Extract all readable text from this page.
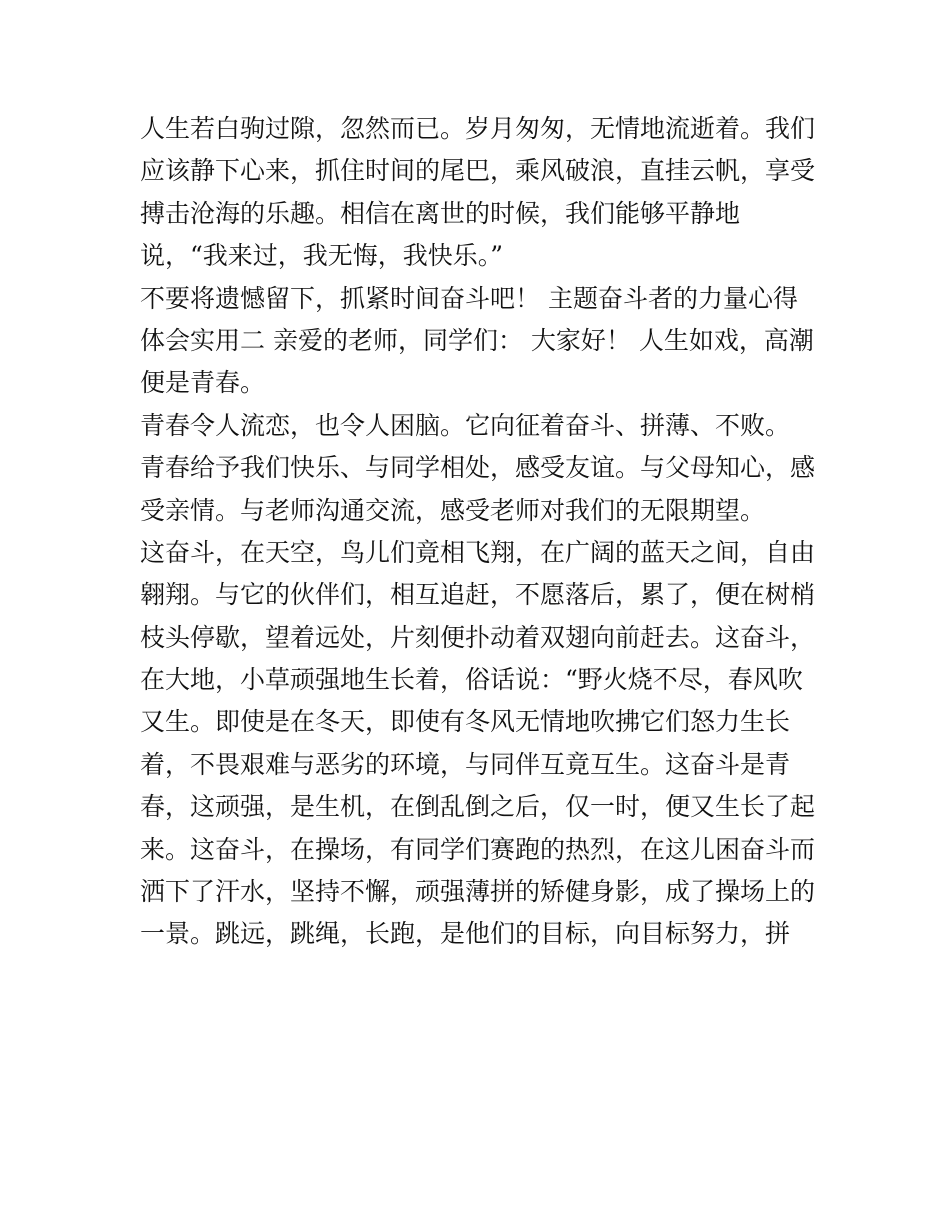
人生若白驹过隙，忽然而已。岁月匆匆，无情地流逝着。我们
应该静下心来，抓住时间的尾巴，乘风破浪，直挂云帆，享受
搏击沧海的乐趣。相信在离世的时候，我们能够平静地
说，“我来过，我无悔，我快乐。”
不要将遗憾留下，抓紧时间奋斗吧！ 主题奋斗者的力量心得
体会实用二 亲爱的老师，同学们： 大家好！ 人生如戏，高潮
便是青春。
青春令人流恋，也令人困脑。它向征着奋斗、拼薄、不败。
青春给予我们快乐、与同学相处，感受友谊。与父母知心，感
受亲情。与老师沟通交流，感受老师对我们的无限期望。
这奋斗，在天空，鸟儿们竟相飞翔，在广阔的蓝天之间，自由
翱翔。与它的伙伴们，相互追赶，不愿落后，累了，便在树梢
枝头停歇，望着远处，片刻便扑动着双翅向前赶去。这奋斗，
在大地，小草顽强地生长着，俗话说：“野火烧不尽，春风吹
又生。即使是在冬天，即使有冬风无情地吹拂它们怒力生长
着，不畏艰难与恶劣的环境，与同伴互竟互生。这奋斗是青
春，这顽强，是生机，在倒乱倒之后，仅一时，便又生长了起
来。这奋斗，在操场，有同学们赛跑的热烈，在这儿困奋斗而
洒下了汗水，坚持不懈，顽强薄拼的矫健身影，成了操场上的
一景。跳远，跳绳，长跑，是他们的目标，向目标努力，拼
